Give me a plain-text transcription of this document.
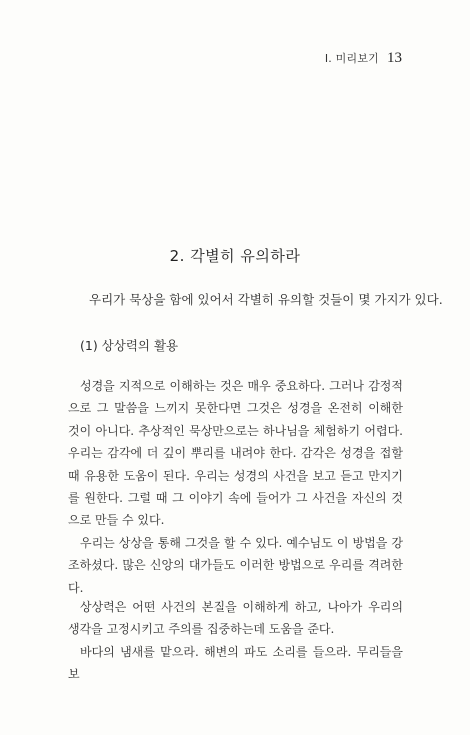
I. 미리보기 13
2. 각별히 유의하라
우리가 묵상을 함에 있어서 각별히 유의할 것들이 몇 가지가 있다.
(1) 상상력의 활용

성경을 지적으로 이해하는 것은 매우 중요하다. 그러나 감정적으로 그 말씀을 느끼지 못한다면 그것은 성경을 온전히 이해한 것이 아니다. 추상적인 묵상만으로는 하나님을 체험하기 어렵다. 우리는 감각에 더 깊이 뿌리를 내려야 한다. 감각은 성경을 접할 때 유용한 도움이 된다. 우리는 성경의 사건을 보고 듣고 만지기를 원한다. 그럴 때 그 이야기 속에 들어가 그 사건을 자신의 것으로 만들 수 있다.

우리는 상상을 통해 그것을 할 수 있다. 예수님도 이 방법을 강조하셨다. 많은 신앙의 대가들도 이러한 방법으로 우리를 격려한다.

상상력은 어떤 사건의 본질을 이해하게 하고, 나아가 우리의 생각을 고정시키고 주의를 집중하는데 도움을 준다.

바다의 냄새를 맡으라. 해변의 파도 소리를 들으라. 무리들을 보
